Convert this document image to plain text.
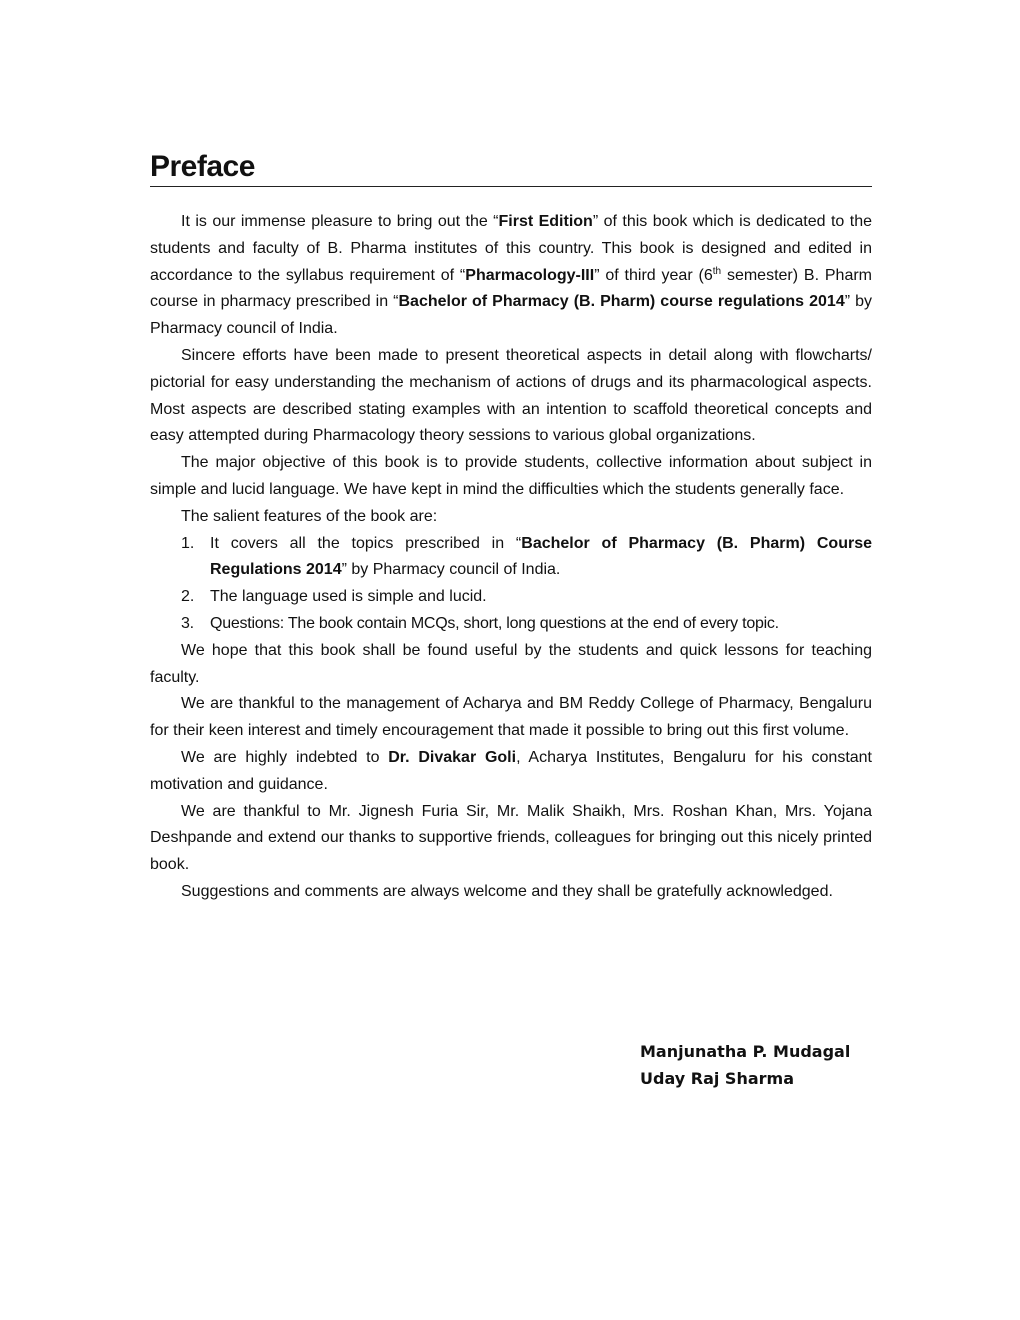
Preface

It is our immense pleasure to bring out the “First Edition” of this book which is dedicated to the students and faculty of B. Pharma institutes of this country. This book is designed and edited in accordance to the syllabus requirement of “Pharmacology-III” of third year (6th semester) B. Pharm course in pharmacy prescribed in “Bachelor of Pharmacy (B. Pharm) course regulations 2014” by Pharmacy council of India.

Sincere efforts have been made to present theoretical aspects in detail along with flowcharts/ pictorial for easy understanding the mechanism of actions of drugs and its pharmacological aspects. Most aspects are described stating examples with an intention to scaffold theoretical concepts and easy attempted during Pharmacology theory sessions to various global organizations.

The major objective of this book is to provide students, collective information about subject in simple and lucid language. We have kept in mind the difficulties which the students generally face.

The salient features of the book are:

1. It covers all the topics prescribed in “Bachelor of Pharmacy (B. Pharm) Course Regulations 2014” by Pharmacy council of India.
2. The language used is simple and lucid.
3. Questions: The book contain MCQs, short, long questions at the end of every topic.

We hope that this book shall be found useful by the students and quick lessons for teaching faculty.

We are thankful to the management of Acharya and BM Reddy College of Pharmacy, Bengaluru for their keen interest and timely encouragement that made it possible to bring out this first volume.

We are highly indebted to Dr. Divakar Goli, Acharya Institutes, Bengaluru for his constant motivation and guidance.

We are thankful to Mr. Jignesh Furia Sir, Mr. Malik Shaikh, Mrs. Roshan Khan, Mrs. Yojana Deshpande and extend our thanks to supportive friends, colleagues for bringing out this nicely printed book.

Suggestions and comments are always welcome and they shall be gratefully acknowledged.

Manjunatha P. Mudagal
Uday Raj Sharma
